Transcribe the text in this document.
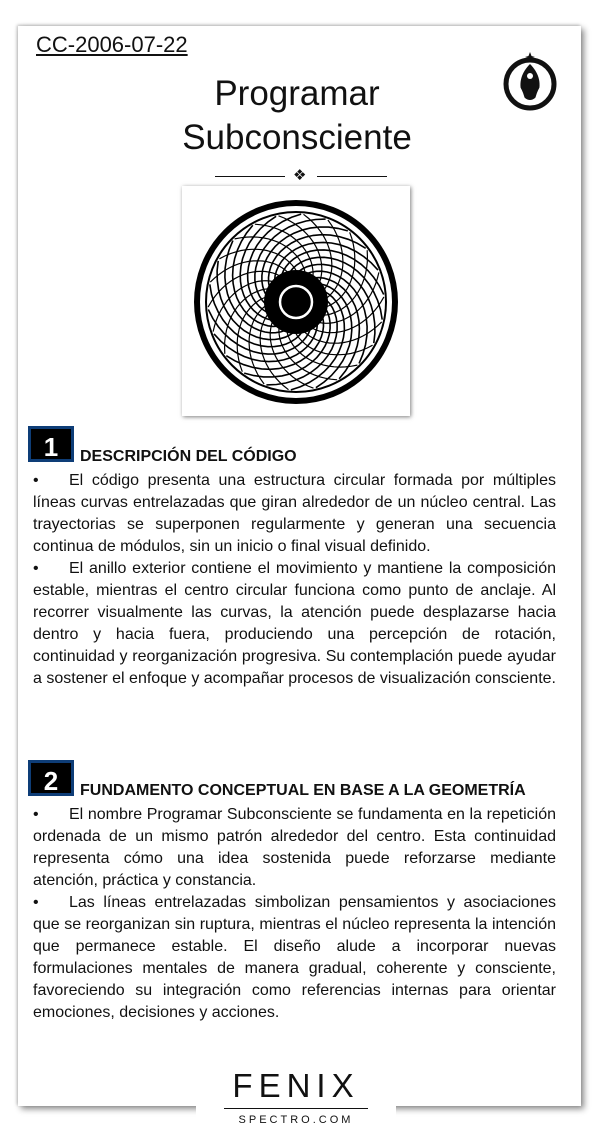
CC-2006-07-22
Programar
Subconsciente
❖
1	DESCRIPCIÓN DEL CÓDIGO

• El código presenta una estructura circular formada por múltiples líneas curvas entrelazadas que giran alrededor de un núcleo central. Las trayectorias se superponen regularmente y generan una secuencia continua de módulos, sin un inicio o final visual definido.

• El anillo exterior contiene el movimiento y mantiene la composición estable, mientras el centro circular funciona como punto de anclaje. Al recorrer visualmente las curvas, la atención puede desplazarse hacia dentro y hacia fuera, produciendo una percepción de rotación, continuidad y reorganización progresiva. Su contemplación puede ayudar a sostener el enfoque y acompañar procesos de visualización consciente.

2	FUNDAMENTO CONCEPTUAL EN BASE A LA GEOMETRÍA

• El nombre Programar Subconsciente se fundamenta en la repetición ordenada de un mismo patrón alrededor del centro. Esta continuidad representa cómo una idea sostenida puede reforzarse mediante atención, práctica y constancia.

• Las líneas entrelazadas simbolizan pensamientos y asociaciones que se reorganizan sin ruptura, mientras el núcleo representa la intención que permanece estable. El diseño alude a incorporar nuevas formulaciones mentales de manera gradual, coherente y consciente, favoreciendo su integración como referencias internas para orientar emociones, decisiones y acciones.

FENIX
SPECTRO.COM
